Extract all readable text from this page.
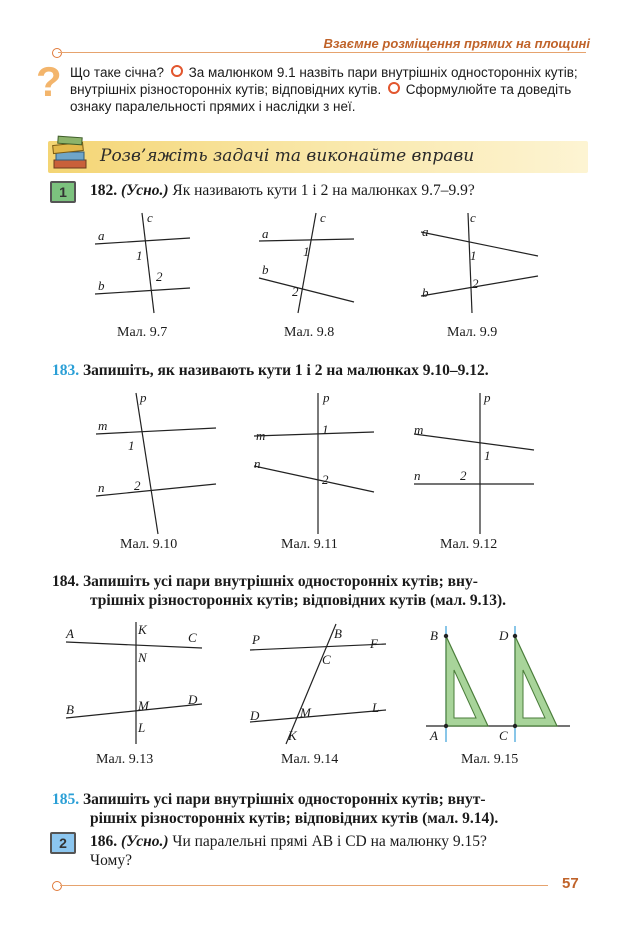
Взаємне розміщення прямих на площині
? Що таке січна? За малюнком 9.1 назвіть пари внутрішніх односторонніх кутів; внутрішніх різносторонніх кутів; відповідних кутів. Сформулюйте та доведіть ознаку паралельності прямих і наслідки з неї.
Розв’яжіть задачі та виконайте вправи
1	182. (Усно.) Як називають кути 1 і 2 на малюнках 9.7–9.9?
a
b
c
1
2
Мал. 9.7
a
b
c
1
2
Мал. 9.8
a
b
c
1
2
Мал. 9.9
183. Запишіть, як називають кути 1 і 2 на малюнках 9.10–9.12.
m
n
p
1
2
Мал. 9.10
m
n
p
1
2
Мал. 9.11
m
n
p
1
2
Мал. 9.12
184. Запишіть усі пари внутрішніх односторонніх кутів; вну-
трішніх різносторонніх кутів; відповідних кутів (мал. 9.13).
A	C
K
N
B	M	D
L
Мал. 9.13
P	B
F
C
D	M	L
K
Мал. 9.14
B	D
A	C
Мал. 9.15
185. Запишіть усі пари внутрішніх односторонніх кутів; внут-
рішніх різносторонніх кутів; відповідних кутів (мал. 9.14).
2	186. (Усно.) Чи паралельні прямі AB і CD на малюнку 9.15?
Чому?
57
